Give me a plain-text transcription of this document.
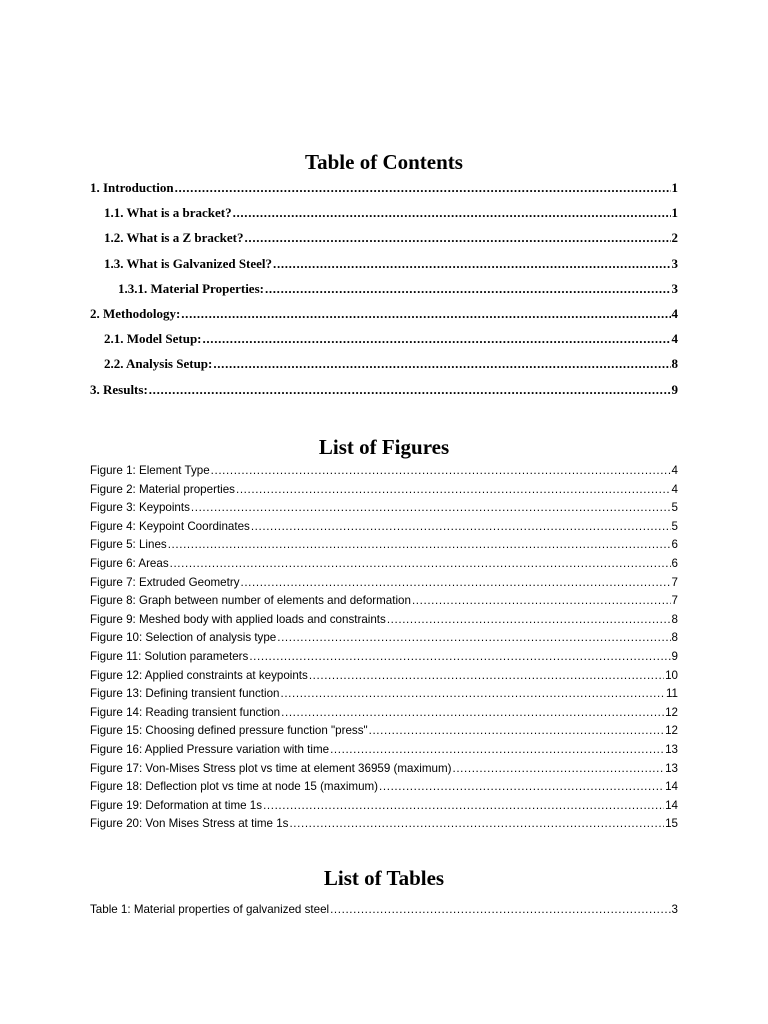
Table of Contents
1. Introduction . . .	1
1.1. What is a bracket? . . .	1
1.2. What is a Z bracket? . . .	2
1.3. What is Galvanized Steel? . . .	3
1.3.1. Material Properties: . . .	3
2. Methodology: . . .	4
2.1. Model Setup: . . .	4
2.2. Analysis Setup: . . .	8
3. Results: . . .	9
List of Figures
Figure 1: Element Type . . .	4
Figure 2: Material properties . . .	4
Figure 3: Keypoints . . .	5
Figure 4: Keypoint Coordinates . . .	5
Figure 5: Lines . . .	6
Figure 6: Areas . . .	6
Figure 7: Extruded Geometry . . .	7
Figure 8: Graph between number of elements and deformation . . .	7
Figure 9: Meshed body with applied loads and constraints . . .	8
Figure 10: Selection of analysis type . . .	8
Figure 11: Solution parameters . . .	9
Figure 12: Applied constraints at keypoints . . .	10
Figure 13: Defining transient function . . .	11
Figure 14: Reading transient function . . .	12
Figure 15: Choosing defined pressure function "press" . . .	12
Figure 16: Applied Pressure variation with time . . .	13
Figure 17: Von-Mises Stress plot vs time at element 36959 (maximum) . . .	13
Figure 18: Deflection plot vs time at node 15 (maximum) . . .	14
Figure 19: Deformation at time 1s . . .	14
Figure 20: Von Mises Stress at time 1s . . .	15
List of Tables
Table 1: Material properties of galvanized steel . . .	3
